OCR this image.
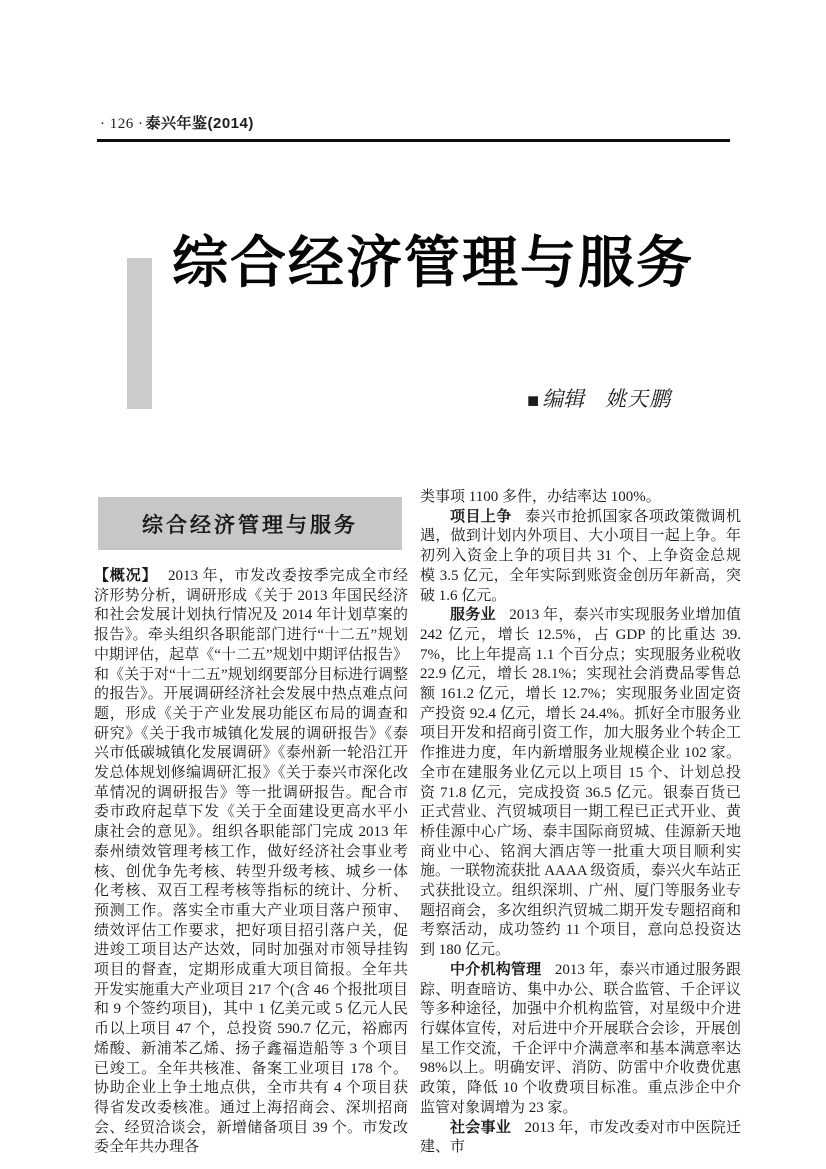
· 126 · 泰兴年鉴(2014)
综合经济管理与服务
■ 编辑 姚天鹏
综合经济管理与服务

【概况】 2013 年，市发改委按季完成全市经济形势分析，调研形成《关于 2013 年国民经济和社会发展计划执行情况及 2014 年计划草案的报告》。牵头组织各职能部门进行“十二五”规划中期评估，起草《“十二五”规划中期评估报告》和《关于对“十二五”规划纲要部分目标进行调整的报告》。开展调研经济社会发展中热点难点问题，形成《关于产业发展功能区布局的调查和研究》《关于我市城镇化发展的调研报告》《泰兴市低碳城镇化发展调研》《泰州新一轮沿江开发总体规划修编调研汇报》《关于泰兴市深化改革情况的调研报告》等一批调研报告。配合市委市政府起草下发《关于全面建设更高水平小康社会的意见》。组织各职能部门完成 2013 年泰州绩效管理考核工作，做好经济社会事业考核、创优争先考核、转型升级考核、城乡一体化考核、双百工程考核等指标的统计、分析、预测工作。落实全市重大产业项目落户预审、绩效评估工作要求，把好项目招引落户关，促进竣工项目达产达效，同时加强对市领导挂钩项目的督查，定期形成重大项目简报。全年共开发实施重大产业项目 217 个(含 46 个报批项目和 9 个签约项目)，其中 1 亿美元或 5 亿元人民币以上项目 47 个，总投资 590.7 亿元，裕廊丙烯酸、新浦苯乙烯、扬子鑫福造船等 3 个项目已竣工。全年共核准、备案工业项目 178 个。协助企业上争土地点供，全市共有 4 个项目获得省发改委核准。通过上海招商会、深圳招商会、经贸洽谈会，新增储备项目 39 个。市发改委全年共办理各

类事项 1100 多件，办结率达 100%。

项目上争 泰兴市抢抓国家各项政策微调机遇，做到计划内外项目、大小项目一起上争。年初列入资金上争的项目共 31 个、上争资金总规模 3.5 亿元，全年实际到账资金创历年新高，突破 1.6 亿元。

服务业 2013 年，泰兴市实现服务业增加值 242 亿元，增长 12.5%，占 GDP 的比重达 39.7%，比上年提高 1.1 个百分点；实现服务业税收 22.9 亿元，增长 28.1%；实现社会消费品零售总额 161.2 亿元，增长 12.7%；实现服务业固定资产投资 92.4 亿元，增长 24.4%。抓好全市服务业项目开发和招商引资工作，加大服务业个转企工作推进力度，年内新增服务业规模企业 102 家。全市在建服务业亿元以上项目 15 个、计划总投资 71.8 亿元，完成投资 36.5 亿元。银泰百货已正式营业、汽贸城项目一期工程已正式开业、黄桥佳源中心广场、泰丰国际商贸城、佳源新天地商业中心、铭润大酒店等一批重大项目顺利实施。一联物流获批 AAAA 级资质，泰兴火车站正式获批设立。组织深圳、广州、厦门等服务业专题招商会，多次组织汽贸城二期开发专题招商和考察活动，成功签约 11 个项目，意向总投资达到 180 亿元。

中介机构管理 2013 年，泰兴市通过服务跟踪、明查暗访、集中办公、联合监管、千企评议等多种途径，加强中介机构监管，对星级中介进行媒体宣传，对后进中介开展联合会诊，开展创星工作交流，千企评中介满意率和基本满意率达 98%以上。明确安评、消防、防雷中介收费优惠政策，降低 10 个收费项目标准。重点涉企中介监管对象调增为 23 家。

社会事业 2013 年，市发改委对市中医院迁建、市
